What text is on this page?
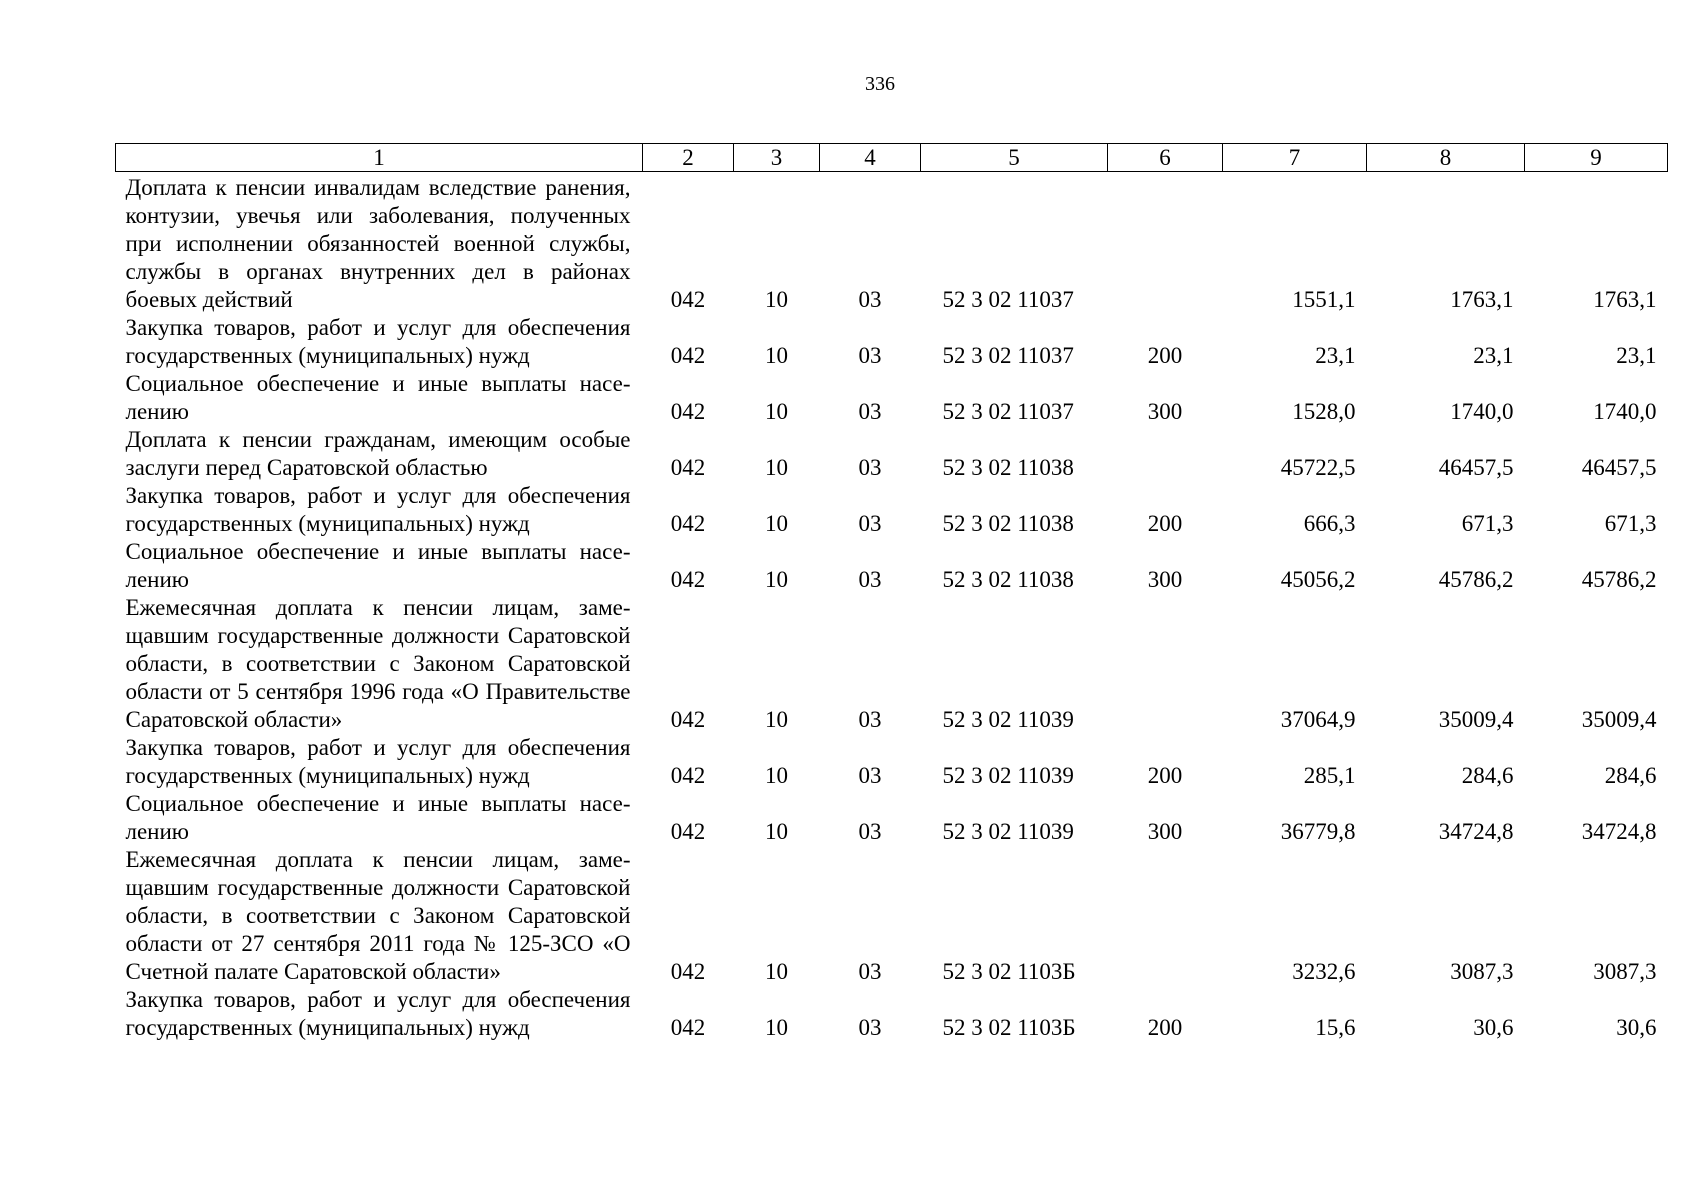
336
1	2	3	4	5	6	7	8	9
Доплата к пенсии инвалидам вследствие ранения, контузии, увечья или заболевания, полученных при исполнении обязанностей военной службы, службы в органах внутренних дел в районах боевых действий	042	10	03	52 3 02 11037		1551,1	1763,1	1763,1
Закупка товаров, работ и услуг для обеспечения государственных (муниципальных) нужд	042	10	03	52 3 02 11037	200	23,1	23,1	23,1
Социальное обеспечение и иные выплаты населению	042	10	03	52 3 02 11037	300	1528,0	1740,0	1740,0
Доплата к пенсии гражданам, имеющим особые заслуги перед Саратовской областью	042	10	03	52 3 02 11038		45722,5	46457,5	46457,5
Закупка товаров, работ и услуг для обеспечения государственных (муниципальных) нужд	042	10	03	52 3 02 11038	200	666,3	671,3	671,3
Социальное обеспечение и иные выплаты населению	042	10	03	52 3 02 11038	300	45056,2	45786,2	45786,2
Ежемесячная доплата к пенсии лицам, замещавшим государственные должности Саратовской области, в соответствии с Законом Саратовской области от 5 сентября 1996 года «О Правительстве Саратовской области»	042	10	03	52 3 02 11039		37064,9	35009,4	35009,4
Закупка товаров, работ и услуг для обеспечения государственных (муниципальных) нужд	042	10	03	52 3 02 11039	200	285,1	284,6	284,6
Социальное обеспечение и иные выплаты населению	042	10	03	52 3 02 11039	300	36779,8	34724,8	34724,8
Ежемесячная доплата к пенсии лицам, замещавшим государственные должности Саратовской области, в соответствии с Законом Саратовской области от 27 сентября 2011 года № 125-ЗСО «О Счетной палате Саратовской области»	042	10	03	52 3 02 1103Б		3232,6	3087,3	3087,3
Закупка товаров, работ и услуг для обеспечения государственных (муниципальных) нужд	042	10	03	52 3 02 1103Б	200	15,6	30,6	30,6
